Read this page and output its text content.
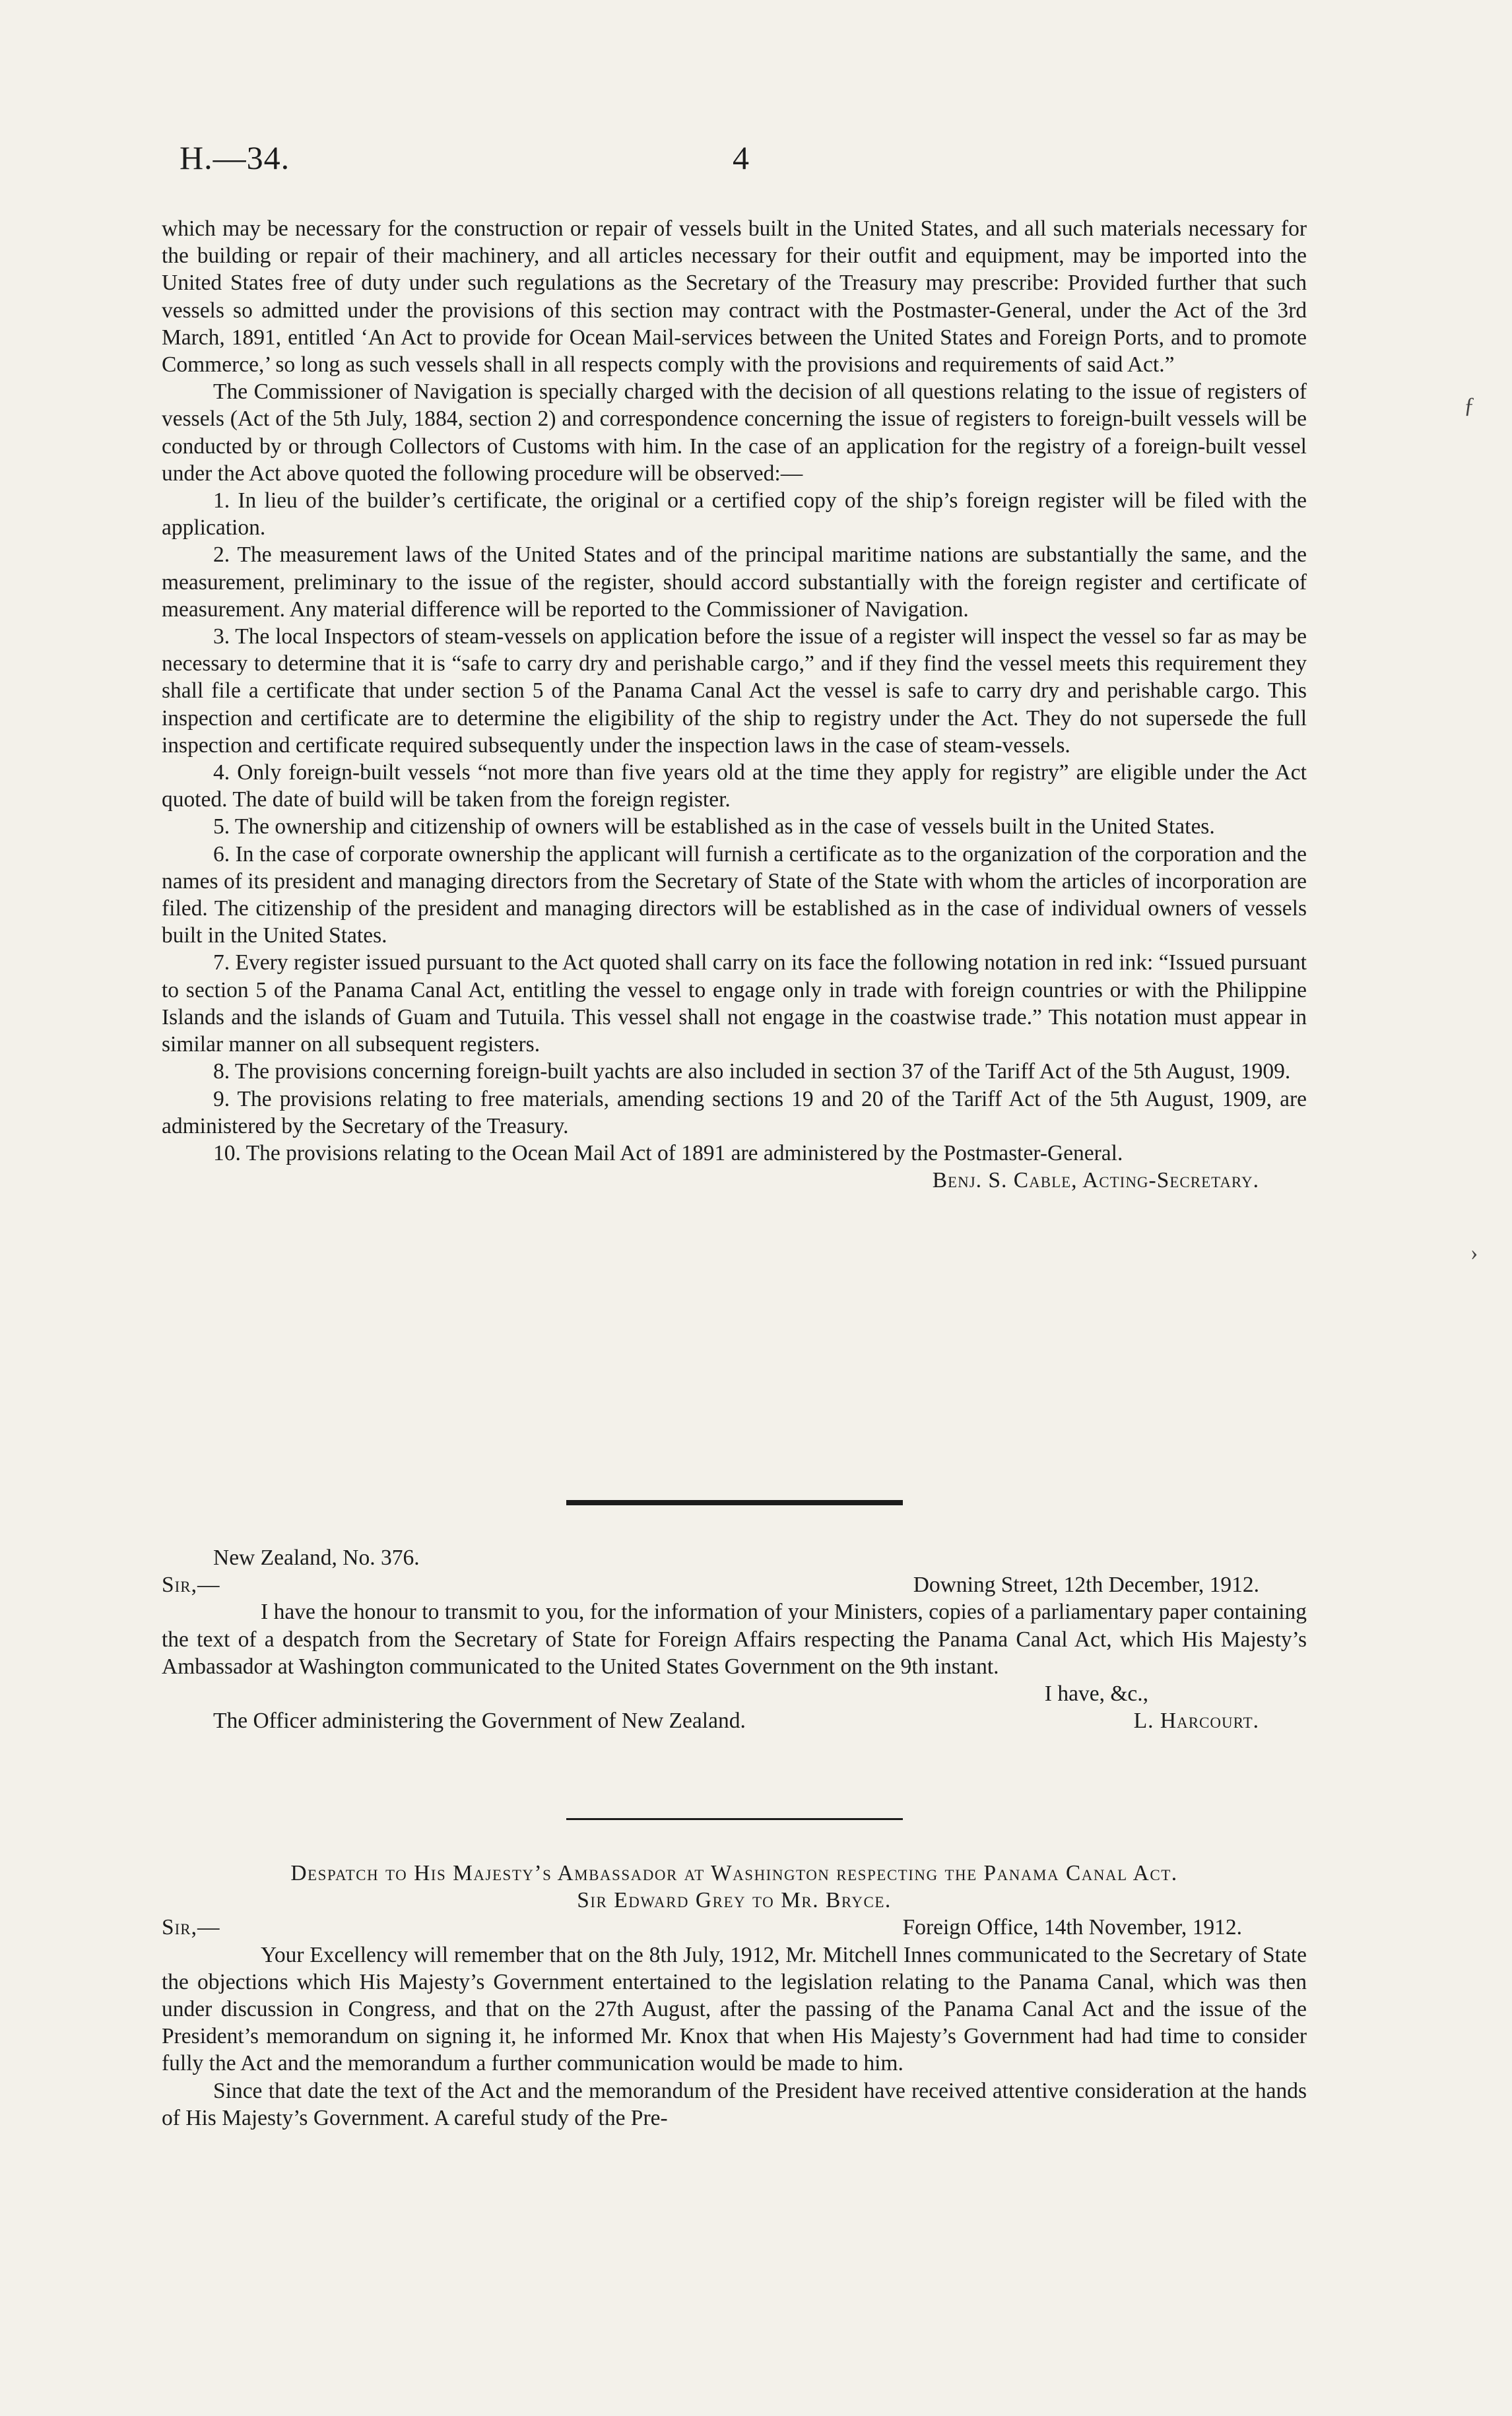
H.—34.	4

which may be necessary for the construction or repair of vessels built in the United States, and all such materials necessary for the building or repair of their machinery, and all articles necessary for their outfit and equipment, may be imported into the United States free of duty under such regulations as the Secretary of the Treasury may prescribe: Provided further that such vessels so admitted under the provisions of this section may contract with the Postmaster-General, under the Act of the 3rd March, 1891, entitled ‘An Act to provide for Ocean Mail-services between the United States and Foreign Ports, and to promote Commerce,’ so long as such vessels shall in all respects comply with the provisions and requirements of said Act.”

The Commissioner of Navigation is specially charged with the decision of all questions relating to the issue of registers of vessels (Act of the 5th July, 1884, section 2) and correspondence concerning the issue of registers to foreign-built vessels will be conducted by or through Collectors of Customs with him. In the case of an application for the registry of a foreign-built vessel under the Act above quoted the following procedure will be observed:—

1. In lieu of the builder’s certificate, the original or a certified copy of the ship’s foreign register will be filed with the application.

2. The measurement laws of the United States and of the principal maritime nations are substantially the same, and the measurement, preliminary to the issue of the register, should accord substantially with the foreign register and certificate of measurement. Any material difference will be reported to the Commissioner of Navigation.

3. The local Inspectors of steam-vessels on application before the issue of a register will inspect the vessel so far as may be necessary to determine that it is “safe to carry dry and perishable cargo,” and if they find the vessel meets this requirement they shall file a certificate that under section 5 of the Panama Canal Act the vessel is safe to carry dry and perishable cargo. This inspection and certificate are to determine the eligibility of the ship to registry under the Act. They do not supersede the full inspection and certificate required subsequently under the inspection laws in the case of steam-vessels.

4. Only foreign-built vessels “not more than five years old at the time they apply for registry” are eligible under the Act quoted. The date of build will be taken from the foreign register.

5. The ownership and citizenship of owners will be established as in the case of vessels built in the United States.

6. In the case of corporate ownership the applicant will furnish a certificate as to the organization of the corporation and the names of its president and managing directors from the Secretary of State of the State with whom the articles of incorporation are filed. The citizenship of the president and managing directors will be established as in the case of individual owners of vessels built in the United States.

7. Every register issued pursuant to the Act quoted shall carry on its face the following notation in red ink: “Issued pursuant to section 5 of the Panama Canal Act, entitling the vessel to engage only in trade with foreign countries or with the Philippine Islands and the islands of Guam and Tutuila. This vessel shall not engage in the coastwise trade.” This notation must appear in similar manner on all subsequent registers.

8. The provisions concerning foreign-built yachts are also included in section 37 of the Tariff Act of the 5th August, 1909.

9. The provisions relating to free materials, amending sections 19 and 20 of the Tariff Act of the 5th August, 1909, are administered by the Secretary of the Treasury.

10. The provisions relating to the Ocean Mail Act of 1891 are administered by the Postmaster-General.

Benj. S. Cable, Acting-Secretary.

New Zealand, No. 376.

Sir,—	Downing Street, 12th December, 1912.

I have the honour to transmit to you, for the information of your Ministers, copies of a parliamentary paper containing the text of a despatch from the Secretary of State for Foreign Affairs respecting the Panama Canal Act, which His Majesty’s Ambassador at Washington communicated to the United States Government on the 9th instant.

I have, &c.,

The Officer administering the Government of New Zealand.	L. Harcourt.

Despatch to His Majesty’s Ambassador at Washington respecting the Panama Canal Act.

Sir Edward Grey to Mr. Bryce.

Sir,—	Foreign Office, 14th November, 1912.

Your Excellency will remember that on the 8th July, 1912, Mr. Mitchell Innes communicated to the Secretary of State the objections which His Majesty’s Government entertained to the legislation relating to the Panama Canal, which was then under discussion in Congress, and that on the 27th August, after the passing of the Panama Canal Act and the issue of the President’s memorandum on signing it, he informed Mr. Knox that when His Majesty’s Government had had time to consider fully the Act and the memorandum a further communication would be made to him.

Since that date the text of the Act and the memorandum of the President have received attentive consideration at the hands of His Majesty’s Government. A careful study of the Pre-

ƒ
›
